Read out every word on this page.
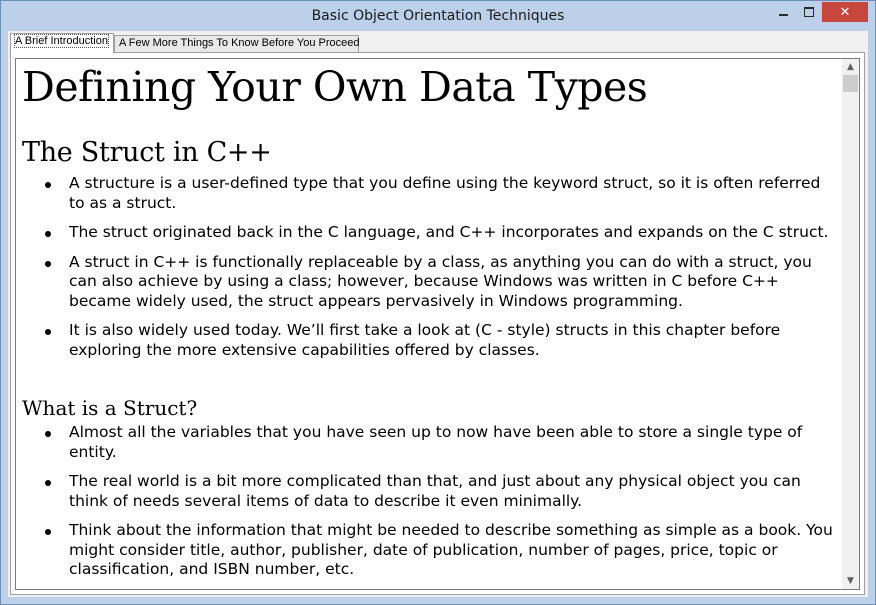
Basic Object Orientation Techniques	✕
A Brief Introduction	A Few More Things To Know Before You Proceed
Defining Your Own Data Types
The Struct in C++
A structure is a user-defined type that you define using the keyword struct, so it is often referred to as a struct.
The struct originated back in the C language, and C++ incorporates and expands on the C struct.
A struct in C++ is functionally replaceable by a class, as anything you can do with a struct, you can also achieve by using a class; however, because Windows was written in C before C++ became widely used, the struct appears pervasively in Windows programming.
It is also widely used today. We’ll first take a look at (C - style) structs in this chapter before exploring the more extensive capabilities offered by classes.
What is a Struct?
Almost all the variables that you have seen up to now have been able to store a single type of entity.
The real world is a bit more complicated than that, and just about any physical object you can think of needs several items of data to describe it even minimally.
Think about the information that might be needed to describe something as simple as a book. You might consider title, author, publisher, date of publication, number of pages, price, topic or classification, and ISBN number, etc.
▲
▼
